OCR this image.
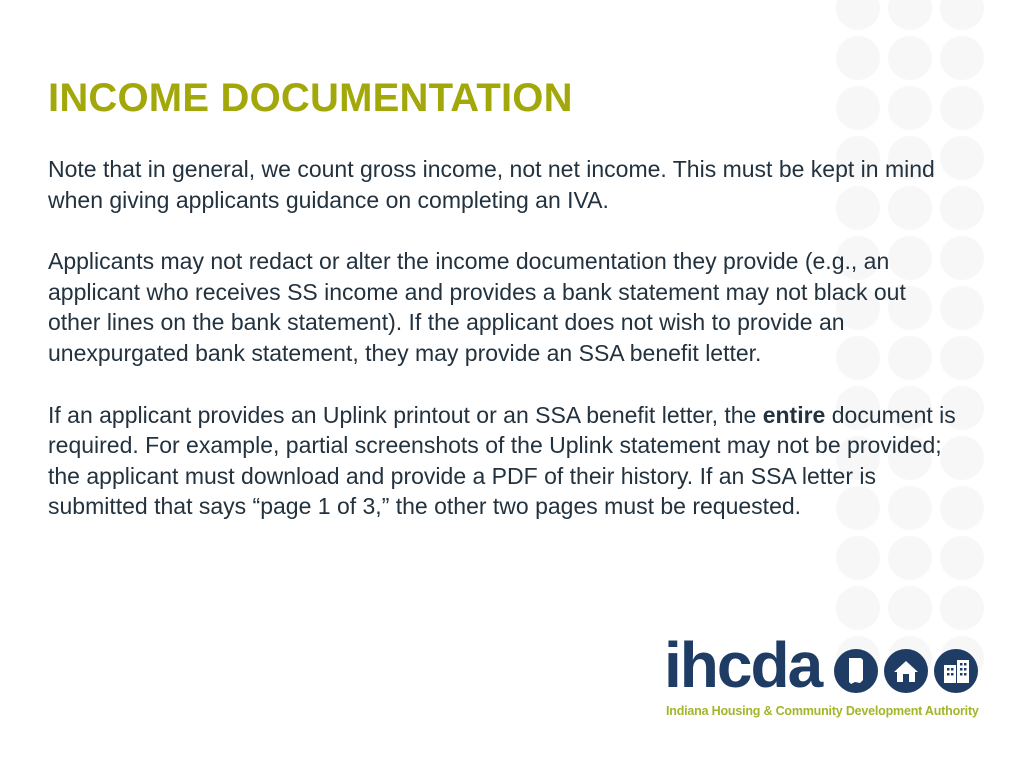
INCOME DOCUMENTATION

Note that in general, we count gross income, not net income. This must be kept in mind when giving applicants guidance on completing an IVA.

Applicants may not redact or alter the income documentation they provide (e.g., an applicant who receives SS income and provides a bank statement may not black out other lines on the bank statement). If the applicant does not wish to provide an unexpurgated bank statement, they may provide an SSA benefit letter.

If an applicant provides an Uplink printout or an SSA benefit letter, the entire document is required. For example, partial screenshots of the Uplink statement may not be provided; the applicant must download and provide a PDF of their history. If an SSA letter is submitted that says “page 1 of 3,” the other two pages must be requested.

ihcda
Indiana Housing & Community Development Authority
